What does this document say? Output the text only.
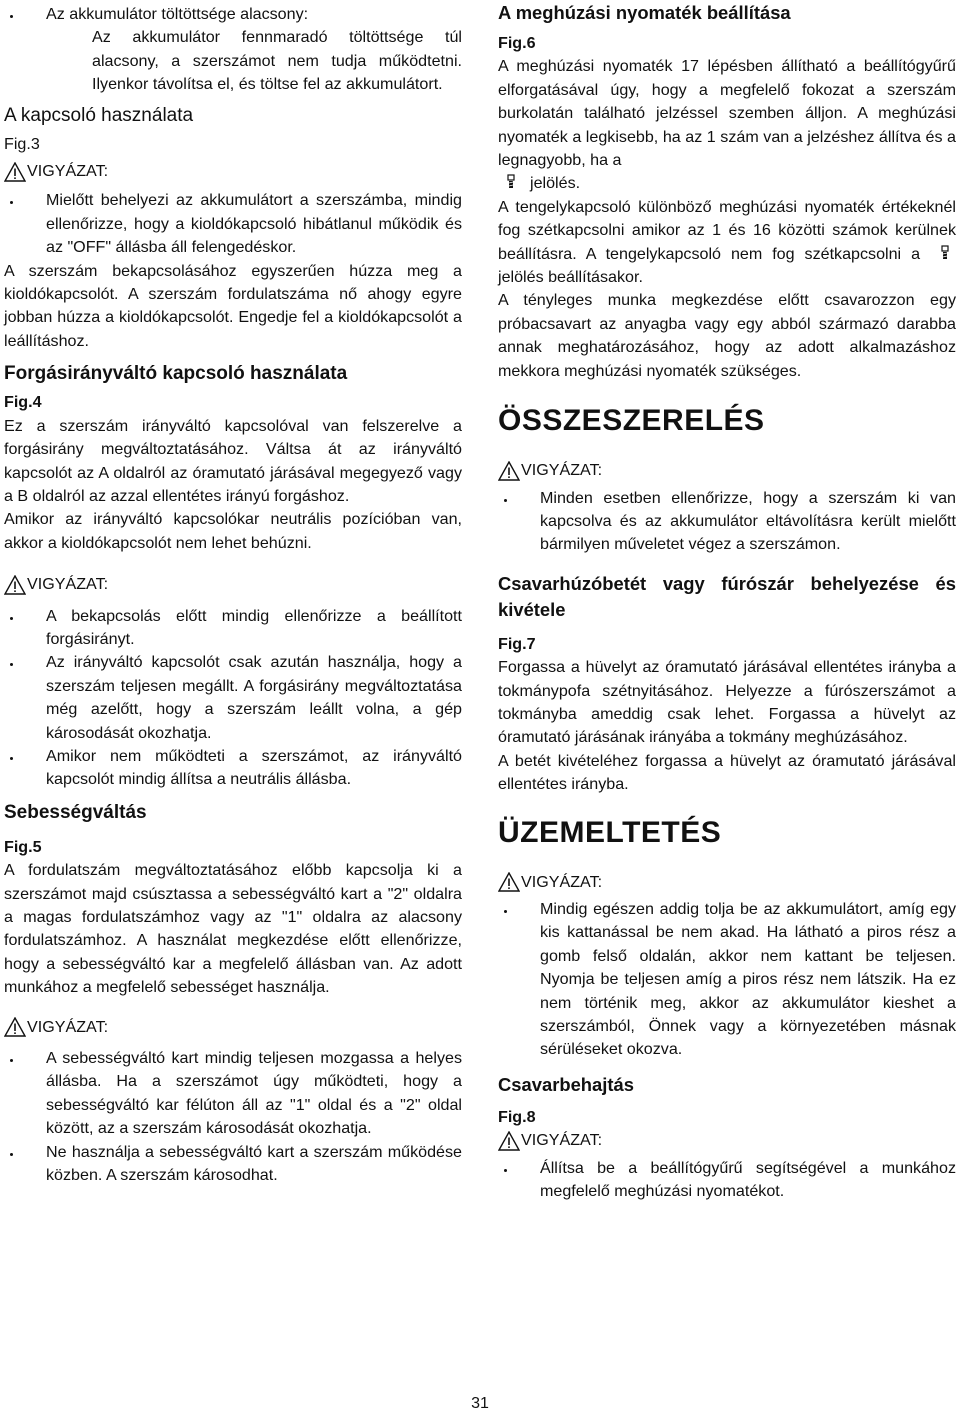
Az akkumulátor töltöttsége alacsony:

Az akkumulátor fennmaradó töltöttsége túl alacsony, a szerszámot nem tudja működtetni. Ilyenkor távolítsa el, és töltse fel az akkumulátort.

A kapcsoló használata

Fig.3

VIGYÁZAT:
Mielőtt behelyezi az akkumulátort a szerszámba, mindig ellenőrizze, hogy a kioldókapcsoló hibátlanul működik és az "OFF" állásba áll felengedéskor.

A szerszám bekapcsolásához egyszerűen húzza meg a kioldókapcsolót. A szerszám fordulatszáma nő ahogy egyre jobban húzza a kioldókapcsolót. Engedje fel a kioldókapcsolót a leállításhoz.

Forgásirányváltó kapcsoló használata

Fig.4

Ez a szerszám irányváltó kapcsolóval van felszerelve a forgásirány megváltoztatásához. Váltsa át az irányváltó kapcsolót az A oldalról az óramutató járásával megegyező vagy a B oldalról az azzal ellentétes irányú forgáshoz.

Amikor az irányváltó kapcsolókar neutrális pozícióban van, akkor a kioldókapcsolót nem lehet behúzni.

VIGYÁZAT:
A bekapcsolás előtt mindig ellenőrizze a beállított forgásirányt.
Az irányváltó kapcsolót csak azután használja, hogy a szerszám teljesen megállt. A forgásirány megváltoztatása még azelőtt, hogy a szerszám leállt volna, a gép károsodását okozhatja.
Amikor nem működteti a szerszámot, az irányváltó kapcsolót mindig állítsa a neutrális állásba.

Sebességváltás

Fig.5

A fordulatszám megváltoztatásához előbb kapcsolja ki a szerszámot majd csúsztassa a sebességváltó kart a "2" oldalra a magas fordulatszámhoz vagy az "1" oldalra az alacsony fordulatszámhoz. A használat megkezdése előtt ellenőrizze, hogy a sebességváltó kar a megfelelő állásban van. Az adott munkához a megfelelő sebességet használja.

VIGYÁZAT:
A sebességváltó kart mindig teljesen mozgassa a helyes állásba. Ha a szerszámot úgy működteti, hogy a sebességváltó kar félúton áll az "1" oldal és a "2" oldal között, az a szerszám károsodását okozhatja.
Ne használja a sebességváltó kart a szerszám működése közben. A szerszám károsodhat.

A meghúzási nyomaték beállítása

Fig.6

A meghúzási nyomaték 17 lépésben állítható a beállítógyűrű elforgatásával úgy, hogy a megfelelő fokozat a szerszám burkolatán található jelzéssel szemben álljon. A meghúzási nyomaték a legkisebb, ha az 1 szám van a jelzéshez állítva és a legnagyobb, ha a
jelölés.

A tengelykapcsoló különböző meghúzási nyomaték értékeknél fog szétkapcsolni amikor az 1 és 16 közötti számok kerülnek beállításra. A tengelykapcsoló nem fog szétkapcsolni a jelölés beállításakor.

A tényleges munka megkezdése előtt csavarozzon egy próbacsavart az anyagba vagy egy abból származó darabba annak meghatározásához, hogy az adott alkalmazáshoz mekkora meghúzási nyomaték szükséges.

ÖSSZESZERELÉS

VIGYÁZAT:
Minden esetben ellenőrizze, hogy a szerszám ki van kapcsolva és az akkumulátor eltávolításra került mielőtt bármilyen műveletet végez a szerszámon.

Csavarhúzóbetét vagy fúrószár behelyezése és kivétele

Fig.7

Forgassa a hüvelyt az óramutató járásával ellentétes irányba a tokmánypofa szétnyitásához. Helyezze a fúrószerszámot a tokmányba ameddig csak lehet. Forgassa a hüvelyt az óramutató járásának irányába a tokmány meghúzásához.

A betét kivételéhez forgassa a hüvelyt az óramutató járásával ellentétes irányba.

ÜZEMELTETÉS

VIGYÁZAT:
Mindig egészen addig tolja be az akkumulátort, amíg egy kis kattanással be nem akad. Ha látható a piros rész a gomb felső oldalán, akkor nem kattant be teljesen. Nyomja be teljesen amíg a piros rész nem látszik. Ha ez nem történik meg, akkor az akkumulátor kieshet a szerszámból, Önnek vagy a környezetében másnak sérüléseket okozva.

Csavarbehajtás

Fig.8

VIGYÁZAT:
Állítsa be a beállítógyűrű segítségével a munkához megfelelő meghúzási nyomatékot.
31
